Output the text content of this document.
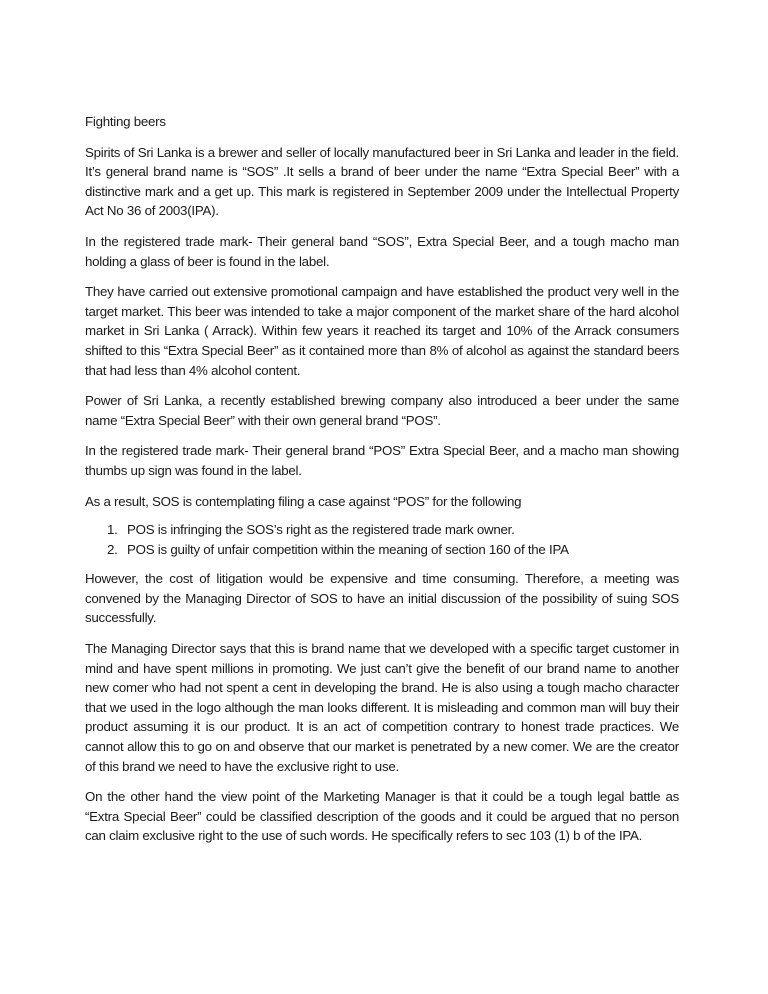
Fighting beers

Spirits of Sri Lanka is a brewer and seller of locally manufactured beer in Sri Lanka and leader in the field. It’s general brand name is “SOS” .It sells a brand of beer under the name “Extra Special Beer” with a distinctive mark and a get up. This mark is registered in September 2009 under the Intellectual Property Act No 36 of 2003(IPA).

In the registered trade mark- Their general band “SOS”, Extra Special Beer, and a tough macho man holding a glass of beer is found in the label.

They have carried out extensive promotional campaign and have established the product very well in the target market. This beer was intended to take a major component of the market share of the hard alcohol market in Sri Lanka ( Arrack). Within few years it reached its target and 10% of the Arrack consumers shifted to this “Extra Special Beer” as it contained more than 8% of alcohol as against the standard beers that had less than 4% alcohol content.

Power of Sri Lanka, a recently established brewing company also introduced a beer under the same name “Extra Special Beer” with their own general brand “POS”.

In the registered trade mark- Their general brand “POS” Extra Special Beer, and a macho man showing thumbs up sign was found in the label.

As a result, SOS is contemplating filing a case against “POS” for the following

1. POS is infringing the SOS’s right as the registered trade mark owner.
2. POS is guilty of unfair competition within the meaning of section 160 of the IPA

However, the cost of litigation would be expensive and time consuming. Therefore, a meeting was convened by the Managing Director of SOS to have an initial discussion of the possibility of suing SOS successfully.

The Managing Director says that this is brand name that we developed with a specific target customer in mind and have spent millions in promoting. We just can’t give the benefit of our brand name to another new comer who had not spent a cent in developing the brand. He is also using a tough macho character that we used in the logo although the man looks different. It is misleading and common man will buy their product assuming it is our product. It is an act of competition contrary to honest trade practices. We cannot allow this to go on and observe that our market is penetrated by a new comer. We are the creator of this brand we need to have the exclusive right to use.

On the other hand the view point of the Marketing Manager is that it could be a tough legal battle as “Extra Special Beer” could be classified description of the goods and it could be argued that no person can claim exclusive right to the use of such words. He specifically refers to sec 103 (1) b of the IPA.
